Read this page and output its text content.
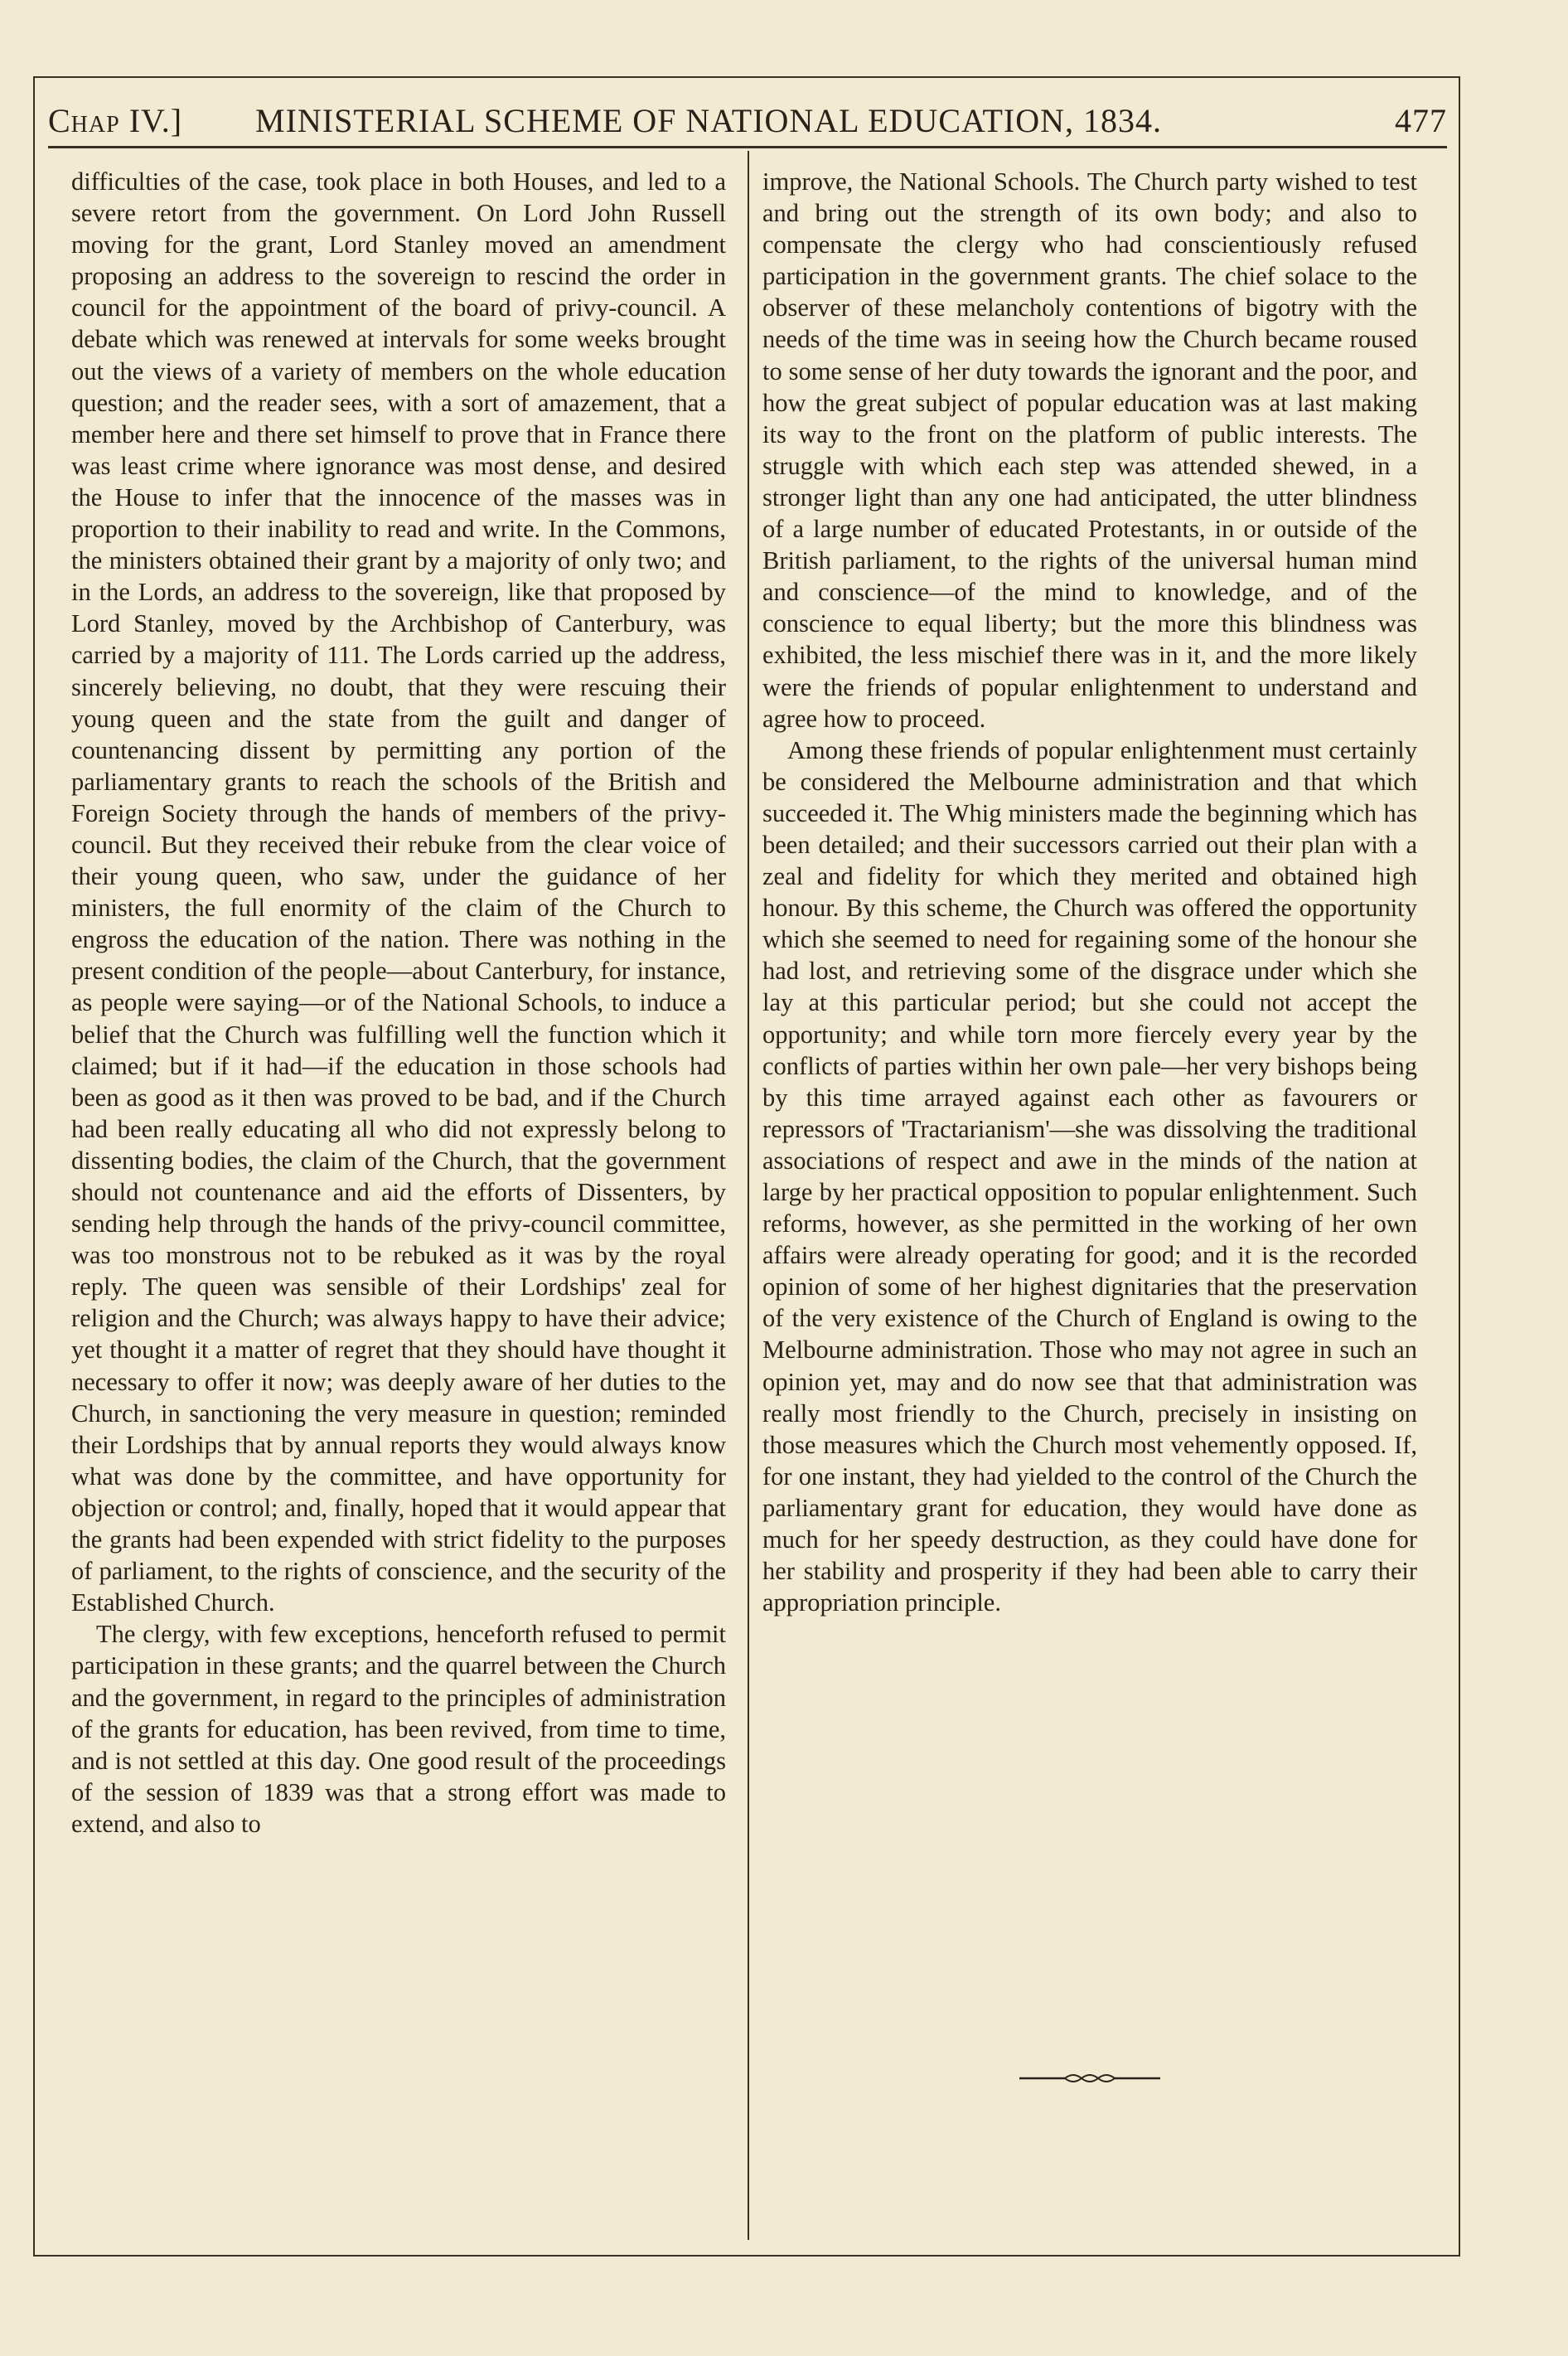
Chap IV.] MINISTERIAL SCHEME OF NATIONAL EDUCATION, 1834.	477

difficulties of the case, took place in both Houses, and led to a severe retort from the government. On Lord John Russell moving for the grant, Lord Stanley moved an amendment proposing an address to the sovereign to rescind the order in council for the appointment of the board of privy-council. A debate which was renewed at intervals for some weeks brought out the views of a variety of members on the whole education question; and the reader sees, with a sort of amazement, that a member here and there set himself to prove that in France there was least crime where ignorance was most dense, and desired the House to infer that the innocence of the masses was in proportion to their inability to read and write. In the Commons, the ministers obtained their grant by a majority of only two; and in the Lords, an address to the sovereign, like that proposed by Lord Stanley, moved by the Archbishop of Canterbury, was carried by a majority of 111. The Lords carried up the address, sincerely believing, no doubt, that they were rescuing their young queen and the state from the guilt and danger of countenancing dissent by permitting any portion of the parliamentary grants to reach the schools of the British and Foreign Society through the hands of members of the privy-council. But they received their rebuke from the clear voice of their young queen, who saw, under the guidance of her ministers, the full enormity of the claim of the Church to engross the education of the nation. There was nothing in the present condition of the people—about Canterbury, for instance, as people were saying—or of the National Schools, to induce a belief that the Church was fulfilling well the function which it claimed; but if it had—if the education in those schools had been as good as it then was proved to be bad, and if the Church had been really educating all who did not expressly belong to dissenting bodies, the claim of the Church, that the government should not countenance and aid the efforts of Dissenters, by sending help through the hands of the privy-council committee, was too monstrous not to be rebuked as it was by the royal reply. The queen was sensible of their Lordships' zeal for religion and the Church; was always happy to have their advice; yet thought it a matter of regret that they should have thought it necessary to offer it now; was deeply aware of her duties to the Church, in sanctioning the very measure in question; reminded their Lordships that by annual reports they would always know what was done by the committee, and have opportunity for objection or control; and, finally, hoped that it would appear that the grants had been expended with strict fidelity to the purposes of parliament, to the rights of conscience, and the security of the Established Church.

The clergy, with few exceptions, henceforth refused to permit participation in these grants; and the quarrel between the Church and the government, in regard to the principles of administration of the grants for education, has been revived, from time to time, and is not settled at this day. One good result of the proceedings of the session of 1839 was that a strong effort was made to extend, and also to

improve, the National Schools. The Church party wished to test and bring out the strength of its own body; and also to compensate the clergy who had conscientiously refused participation in the government grants. The chief solace to the observer of these melancholy contentions of bigotry with the needs of the time was in seeing how the Church became roused to some sense of her duty towards the ignorant and the poor, and how the great subject of popular education was at last making its way to the front on the platform of public interests. The struggle with which each step was attended shewed, in a stronger light than any one had anticipated, the utter blindness of a large number of educated Protestants, in or outside of the British parliament, to the rights of the universal human mind and conscience—of the mind to knowledge, and of the conscience to equal liberty; but the more this blindness was exhibited, the less mischief there was in it, and the more likely were the friends of popular enlightenment to understand and agree how to proceed.

Among these friends of popular enlightenment must certainly be considered the Melbourne administration and that which succeeded it. The Whig ministers made the beginning which has been detailed; and their successors carried out their plan with a zeal and fidelity for which they merited and obtained high honour. By this scheme, the Church was offered the opportunity which she seemed to need for regaining some of the honour she had lost, and retrieving some of the disgrace under which she lay at this particular period; but she could not accept the opportunity; and while torn more fiercely every year by the conflicts of parties within her own pale—her very bishops being by this time arrayed against each other as favourers or repressors of 'Tractarianism'—she was dissolving the traditional associations of respect and awe in the minds of the nation at large by her practical opposition to popular enlightenment. Such reforms, however, as she permitted in the working of her own affairs were already operating for good; and it is the recorded opinion of some of her highest dignitaries that the preservation of the very existence of the Church of England is owing to the Melbourne administration. Those who may not agree in such an opinion yet, may and do now see that that administration was really most friendly to the Church, precisely in insisting on those measures which the Church most vehemently opposed. If, for one instant, they had yielded to the control of the Church the parliamentary grant for education, they would have done as much for her speedy destruction, as they could have done for her stability and prosperity if they had been able to carry their appropriation principle.
